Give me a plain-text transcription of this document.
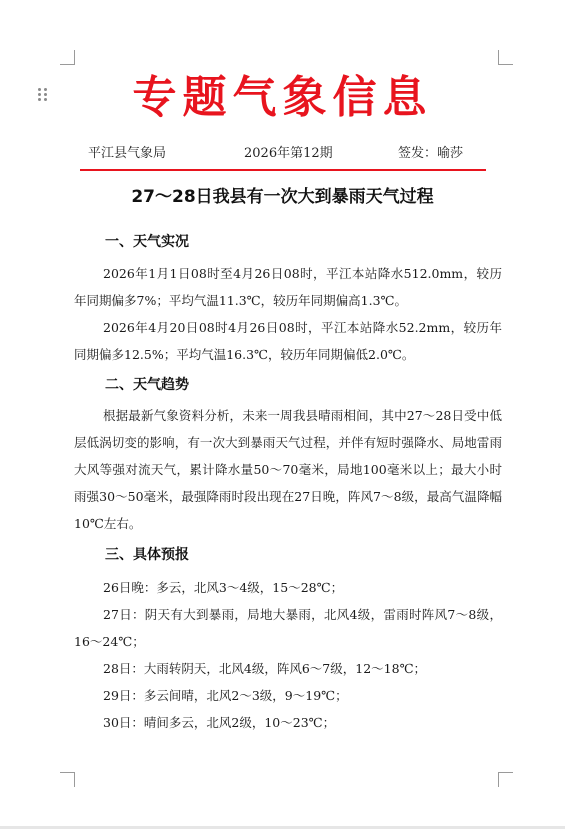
专题气象信息
平江县气象局	2026年第12期	签发：喻莎
27～28日我县有一次大到暴雨天气过程
一、天气实况

2026年1月1日08时至4月26日08时，平江本站降水512.0mm，较历年同期偏多7%；平均气温11.3℃，较历年同期偏高1.3℃。

2026年4月20日08时4月26日08时，平江本站降水52.2mm，较历年同期偏多12.5%；平均气温16.3℃，较历年同期偏低2.0℃。

二、天气趋势

根据最新气象资料分析，未来一周我县晴雨相间，其中27～28日受中低层低涡切变的影响，有一次大到暴雨天气过程，并伴有短时强降水、局地雷雨大风等强对流天气，累计降水量50～70毫米，局地100毫米以上；最大小时雨强30～50毫米，最强降雨时段出现在27日晚，阵风7～8级，最高气温降幅10℃左右。

三、具体预报

26日晚：多云，北风3～4级，15～28℃；

27日：阴天有大到暴雨，局地大暴雨，北风4级，雷雨时阵风7～8级，16～24℃；

28日：大雨转阴天，北风4级，阵风6～7级，12～18℃；

29日：多云间晴，北风2～3级，9～19℃；

30日：晴间多云，北风2级，10～23℃；
